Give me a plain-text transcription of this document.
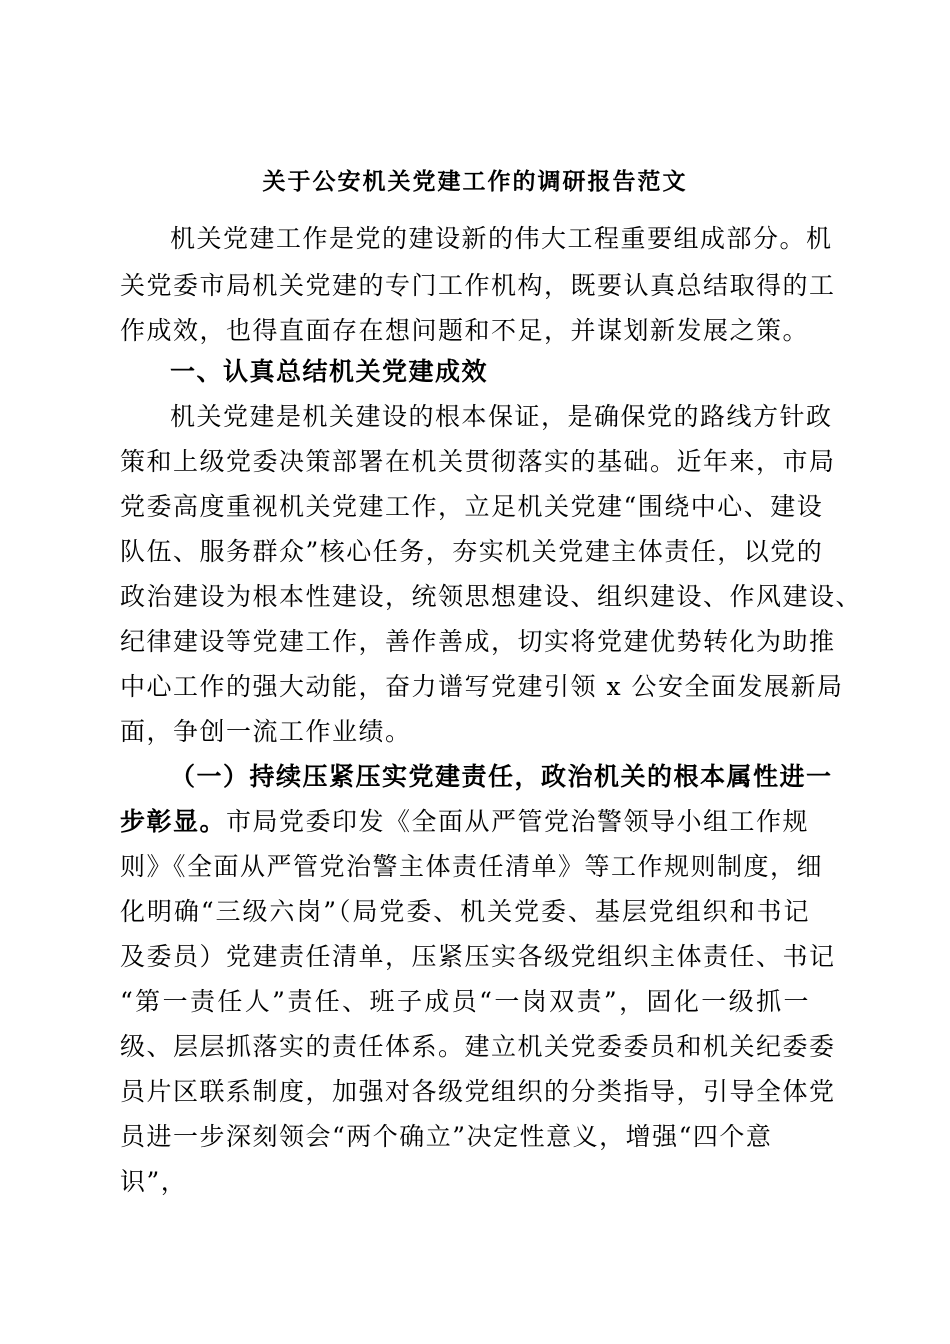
关于公安机关党建工作的调研报告范文
机关党建工作是党的建设新的伟大工程重要组成部分。机
关党委市局机关党建的专门工作机构，既要认真总结取得的工
作成效，也得直面存在想问题和不足，并谋划新发展之策。
一、认真总结机关党建成效
机关党建是机关建设的根本保证，是确保党的路线方针政
策和上级党委决策部署在机关贯彻落实的基础。近年来，市局
党委高度重视机关党建工作，立足机关党建“围绕中心、建设
队伍、服务群众”核心任务，夯实机关党建主体责任，以党的
政治建设为根本性建设，统领思想建设、组织建设、作风建设、
纪律建设等党建工作，善作善成，切实将党建优势转化为助推
中心工作的强大动能，奋力谱写党建引领 x 公安全面发展新局
面，争创一流工作业绩。
（一）持续压紧压实党建责任，政治机关的根本属性进一
步彰显。市局党委印发《全面从严管党治警领导小组工作规
则》《全面从严管党治警主体责任清单》等工作规则制度，细
化明确“三级六岗”（局党委、机关党委、基层党组织和书记
及委员）党建责任清单，压紧压实各级党组织主体责任、书记
“第一责任人”责任、班子成员“一岗双责”，固化一级抓一
级、层层抓落实的责任体系。建立机关党委委员和机关纪委委
员片区联系制度，加强对各级党组织的分类指导，引导全体党
员进一步深刻领会“两个确立”决定性意义，增强“四个意
识”，
